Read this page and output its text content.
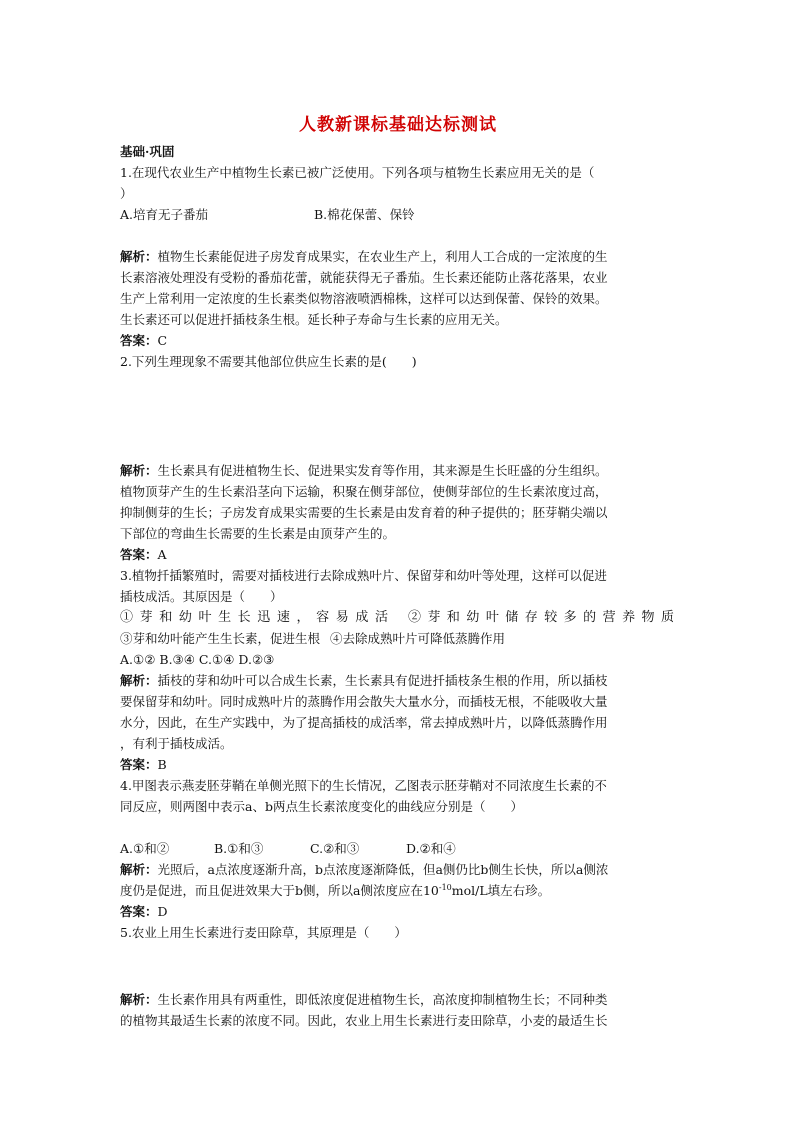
人教新课标基础达标测试

基础·巩固

1.在现代农业生产中植物生长素已被广泛使用。下列各项与植物生长素应用无关的是（

）

A.培育无子番茄	B.棉花保蕾、保铃

解析：植物生长素能促进子房发育成果实，在农业生产上，利用人工合成的一定浓度的生

长素溶液处理没有受粉的番茄花蕾，就能获得无子番茄。生长素还能防止落花落果，农业

生产上常利用一定浓度的生长素类似物溶液喷洒棉株，这样可以达到保蕾、保铃的效果。

生长素还可以促进扦插枝条生根。延长种子寿命与生长素的应用无关。

答案：C

2.下列生理现象不需要其他部位供应生长素的是(　　)

解析：生长素具有促进植物生长、促进果实发育等作用，其来源是生长旺盛的分生组织。

植物顶芽产生的生长素沿茎向下运输，积聚在侧芽部位，使侧芽部位的生长素浓度过高，

抑制侧芽的生长；子房发育成果实需要的生长素是由发育着的种子提供的；胚芽鞘尖端以

下部位的弯曲生长需要的生长素是由顶芽产生的。

答案：A

3.植物扦插繁殖时，需要对插枝进行去除成熟叶片、保留芽和幼叶等处理，这样可以促进

插枝成活。其原因是（　　）

①芽和幼叶生长迅速，容易成活 ②芽和幼叶储存较多的营养物质
③芽和幼叶能产生生长素，促进生根 ④去除成熟叶片可降低蒸腾作用

A.①② B.③④ C.①④ D.②③

解析：插枝的芽和幼叶可以合成生长素，生长素具有促进扦插枝条生根的作用，所以插枝

要保留芽和幼叶。同时成熟叶片的蒸腾作用会散失大量水分，而插枝无根，不能吸收大量

水分，因此，在生产实践中，为了提高插枝的成活率，常去掉成熟叶片，以降低蒸腾作用

，有利于插枝成活。

答案：B

4.甲图表示燕麦胚芽鞘在单侧光照下的生长情况，乙图表示胚芽鞘对不同浓度生长素的不

同反应，则两图中表示a、b两点生长素浓度变化的曲线应分别是（　　）

A.①和②	B.①和③	C.②和③	D.②和④

解析：光照后，a点浓度逐渐升高，b点浓度逐渐降低，但a侧仍比b侧生长快，所以a侧浓

度仍是促进，而且促进效果大于b侧，所以a侧浓度应在$10^{-10}mol/L$填左右珍。

答案：D

5.农业上用生长素进行麦田除草，其原理是（　　）

解析：生长素作用具有两重性，即低浓度促进植物生长，高浓度抑制植物生长；不同种类

的植物其最适生长素的浓度不同。因此，农业上用生长素进行麦田除草，小麦的最适生长
